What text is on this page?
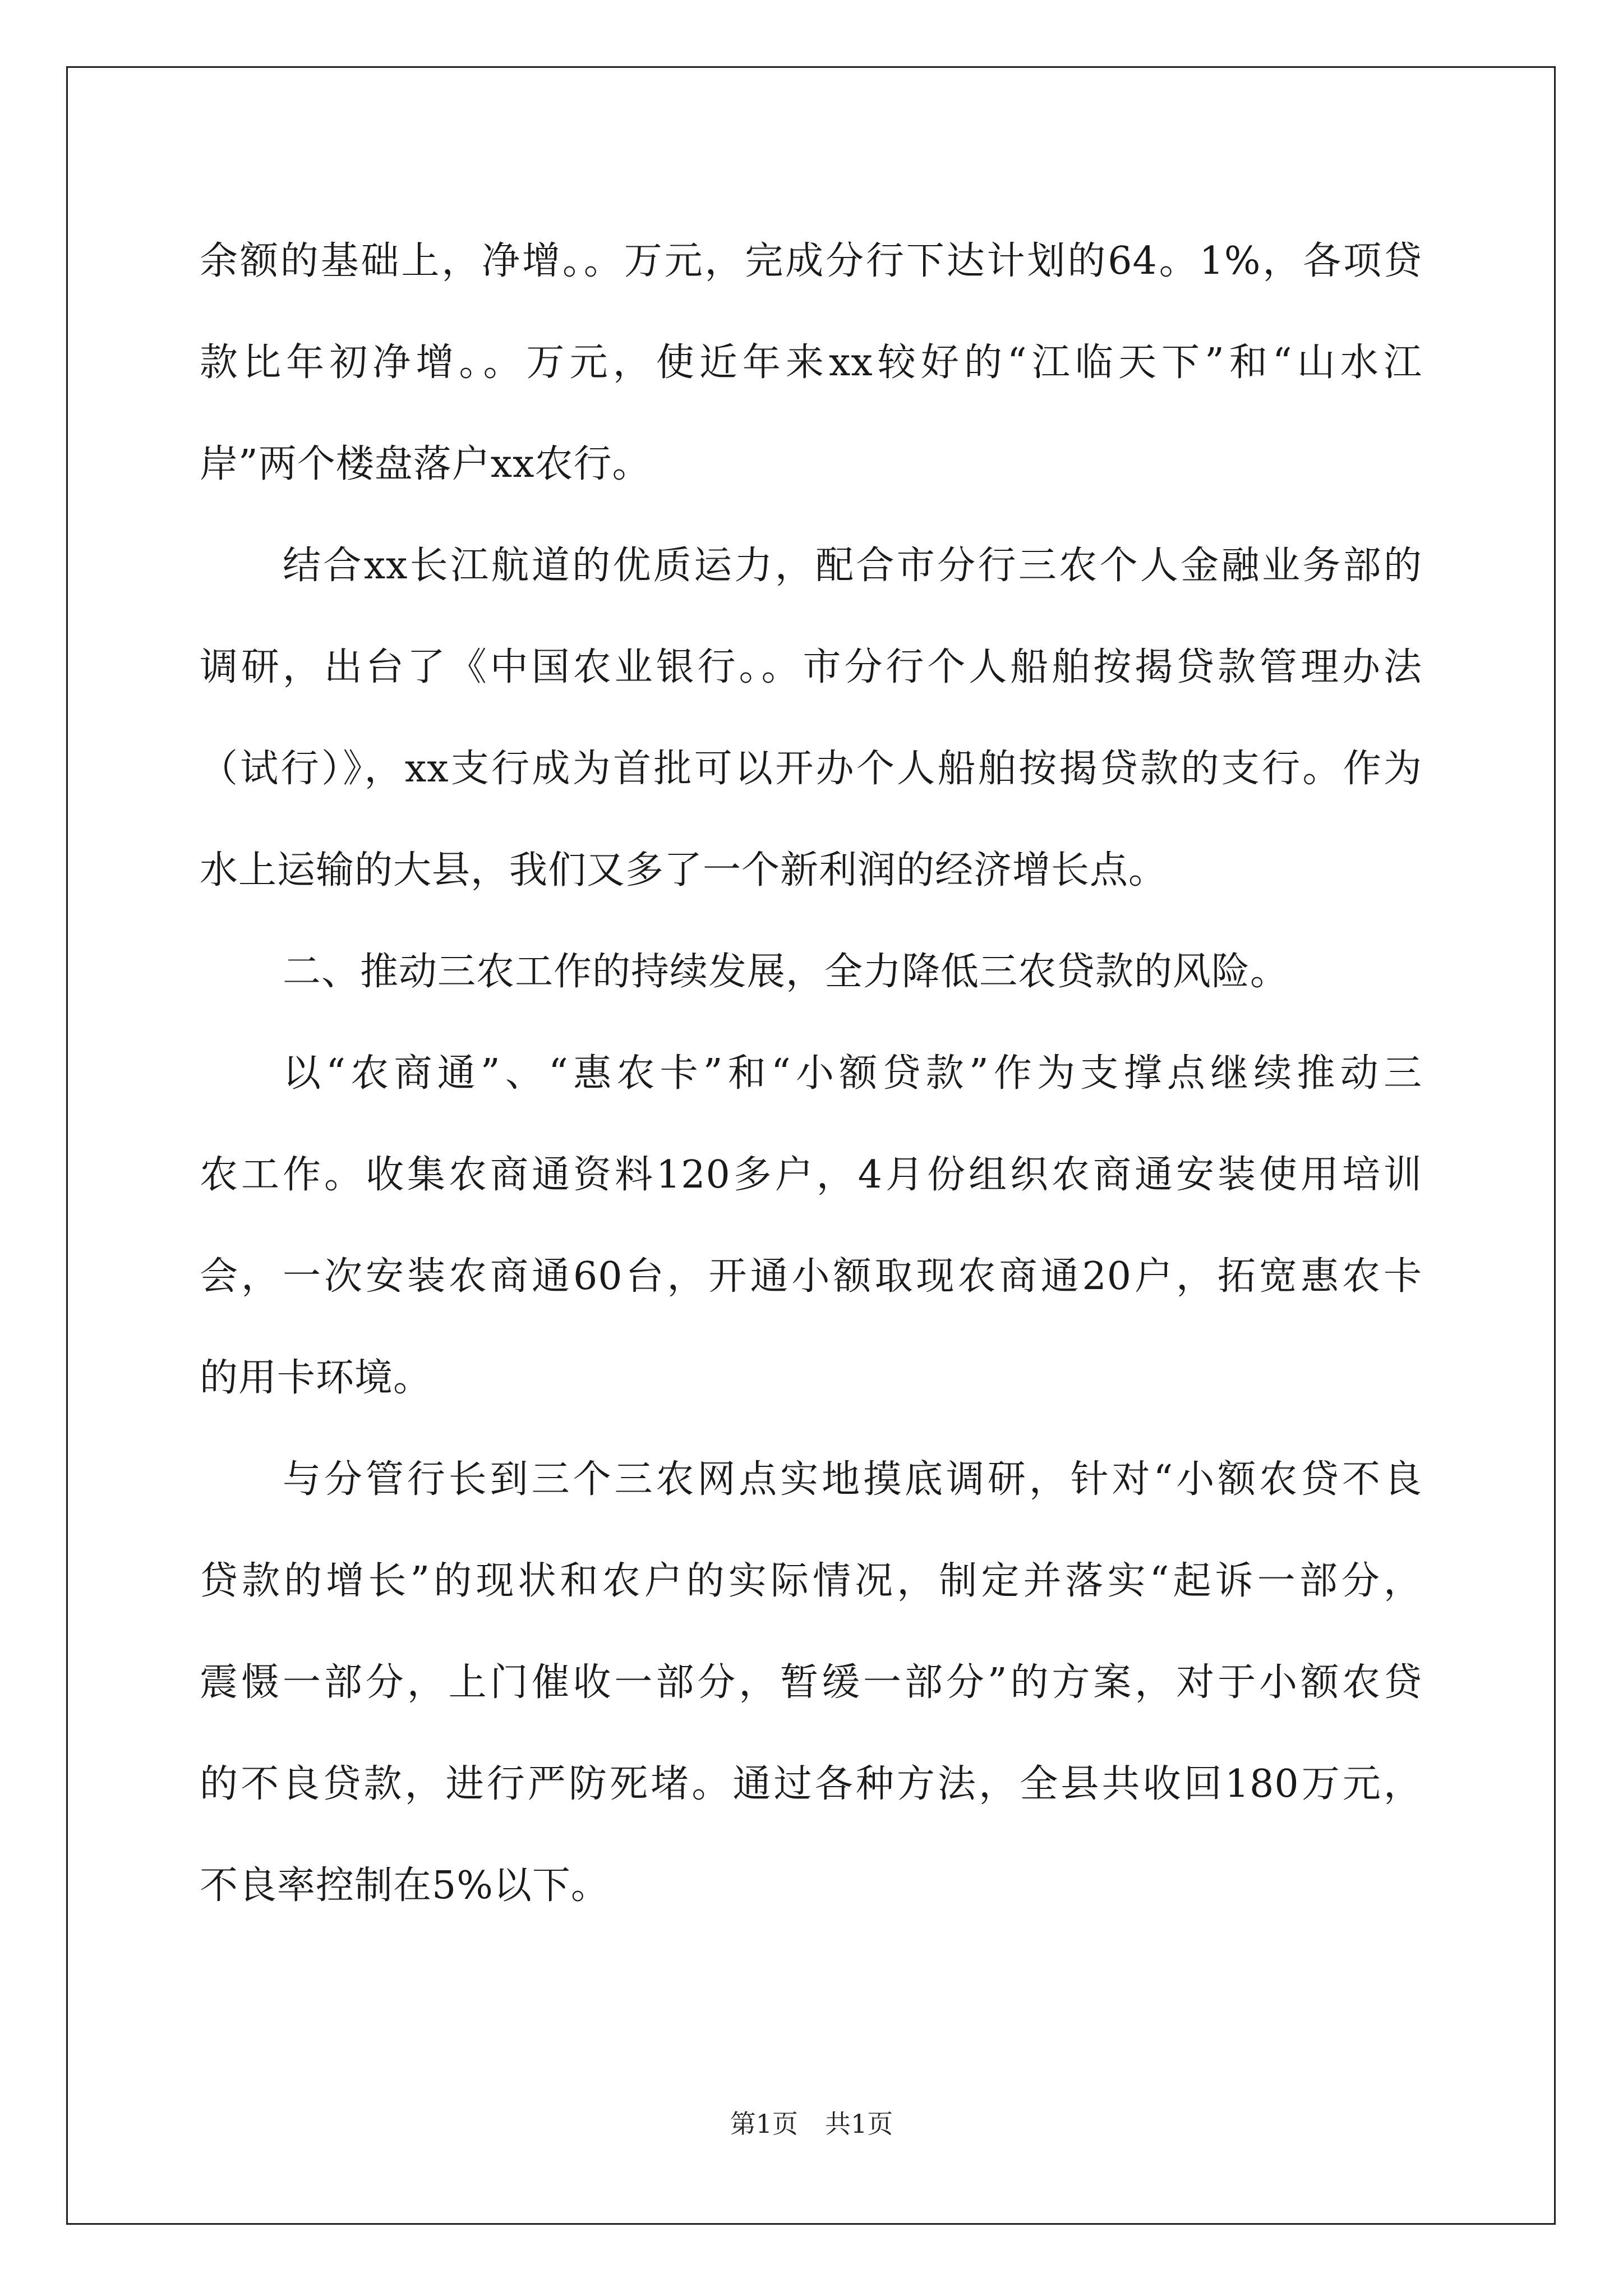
余额的基础上，净增。。万元，完成分行下达计划的64。1%，各项贷
款比年初净增。。万元，使近年来xx较好的“江临天下”和“山水江
岸”两个楼盘落户xx农行。

结合xx长江航道的优质运力，配合市分行三农个人金融业务部的
调研，出台了《中国农业银行。。市分行个人船舶按揭贷款管理办法
（试行）》，xx支行成为首批可以开办个人船舶按揭贷款的支行。作为
水上运输的大县，我们又多了一个新利润的经济增长点。

二、推动三农工作的持续发展，全力降低三农贷款的风险。

以“农商通”、“惠农卡”和“小额贷款”作为支撑点继续推动三
农工作。收集农商通资料120多户，4月份组织农商通安装使用培训
会，一次安装农商通60台，开通小额取现农商通20户，拓宽惠农卡
的用卡环境。

与分管行长到三个三农网点实地摸底调研，针对“小额农贷不良
贷款的增长”的现状和农户的实际情况，制定并落实“起诉一部分，
震慑一部分，上门催收一部分，暂缓一部分”的方案，对于小额农贷
的不良贷款，进行严防死堵。通过各种方法，全县共收回180万元，
不良率控制在5%以下。

第1页 共1页
